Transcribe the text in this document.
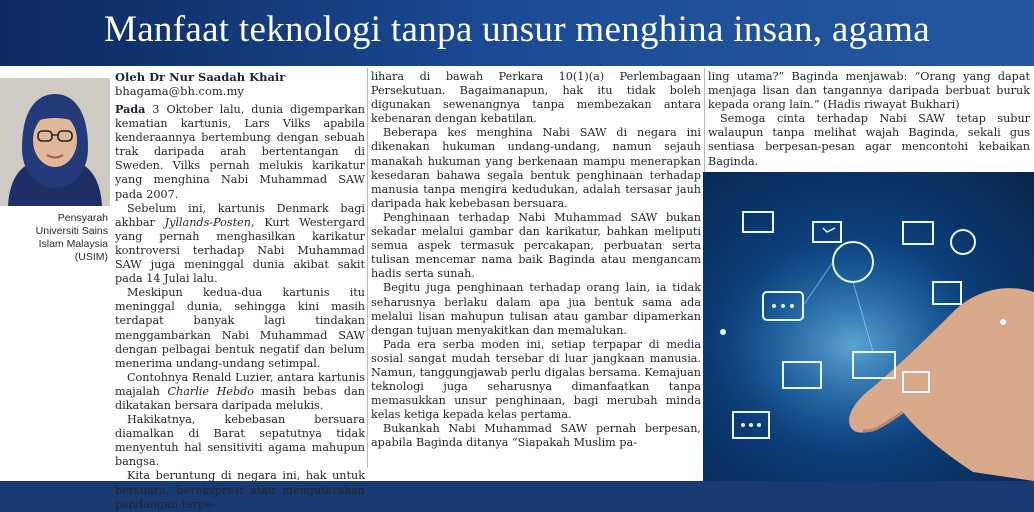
Manfaat teknologi tanpa unsur menghina insan, agama
Pensyarah
Universiti Sains
Islam Malaysia
(USIM)
Oleh Dr Nur Saadah Khair
bhagama@bh.com.my

Pada 3 Oktober lalu, dunia digemparkan kematian kartunis, Lars Vilks apabila kenderaannya bertembung dengan sebuah trak daripada arah bertentangan di Sweden. Vilks pernah melukis karikatur yang menghina Nabi Muhammad SAW pada 2007.

Sebelum ini, kartunis Denmark bagi akhbar Jyllands-Posten, Kurt Westergard yang pernah menghasilkan karikatur kontroversi terhadap Nabi Muhammad SAW juga meninggal dunia akibat sakit pada 14 Julai lalu.

Meskipun kedua-dua kartunis itu meninggal dunia, sehingga kini masih terdapat banyak lagi tindakan menggambarkan Nabi Muhammad SAW dengan pelbagai bentuk negatif dan belum menerima undang-undang setimpal.

Contohnya Renald Luzier, antara kartunis majalah Charlie Hebdo masih bebas dan dikatakan bersara daripada melukis.

Hakikatnya, kebebasan bersuara diamalkan di Barat sepatutnya tidak menyentuh hal sensitiviti agama mahupun bangsa.

Kita beruntung di negara ini, hak untuk bersuara, berekspresi atau mengutarakan pandangan terpe-

lihara di bawah Perkara 10(1)(a) Perlembagaan Persekutuan. Bagaimanapun, hak itu tidak boleh digunakan sewenangnya tanpa membezakan antara kebenaran dengan kebatilan.

Beberapa kes menghina Nabi SAW di negara ini dikenakan hukuman undang-undang, namun sejauh manakah hukuman yang berkenaan mampu menerapkan kesedaran bahawa segala bentuk penghinaan terhadap manusia tanpa mengira kedudukan, adalah tersasar jauh daripada hak kebebasan bersuara.

Penghinaan terhadap Nabi Muhammad SAW bukan sekadar melalui gambar dan karikatur, bahkan meliputi semua aspek termasuk percakapan, perbuatan serta tulisan mencemar nama baik Baginda atau mengancam hadis serta sunah.

Begitu juga penghinaan terhadap orang lain, ia tidak seharusnya berlaku dalam apa jua bentuk sama ada melalui lisan mahupun tulisan atau gambar dipamerkan dengan tujuan menyakitkan dan memalukan.

Pada era serba moden ini, setiap terpapar di media sosial sangat mudah tersebar di luar jangkaan manusia. Namun, tanggungjawab perlu digalas bersama. Kemajuan teknologi juga seharusnya dimanfaatkan tanpa memasukkan unsur penghinaan, bagi merubah minda kelas ketiga kepada kelas pertama.

Bukankah Nabi Muhammad SAW pernah berpesan, apabila Baginda ditanya “Siapakah Muslim pa-

ling utama?” Baginda menjawab: “Orang yang dapat menjaga lisan dan tangannya daripada berbuat buruk kepada orang lain.” (Hadis riwayat Bukhari)

Semoga cinta terhadap Nabi SAW tetap subur walaupun tanpa melihat wajah Baginda, sekali gus sentiasa berpesan-pesan agar mencontohi kebaikan Baginda.
